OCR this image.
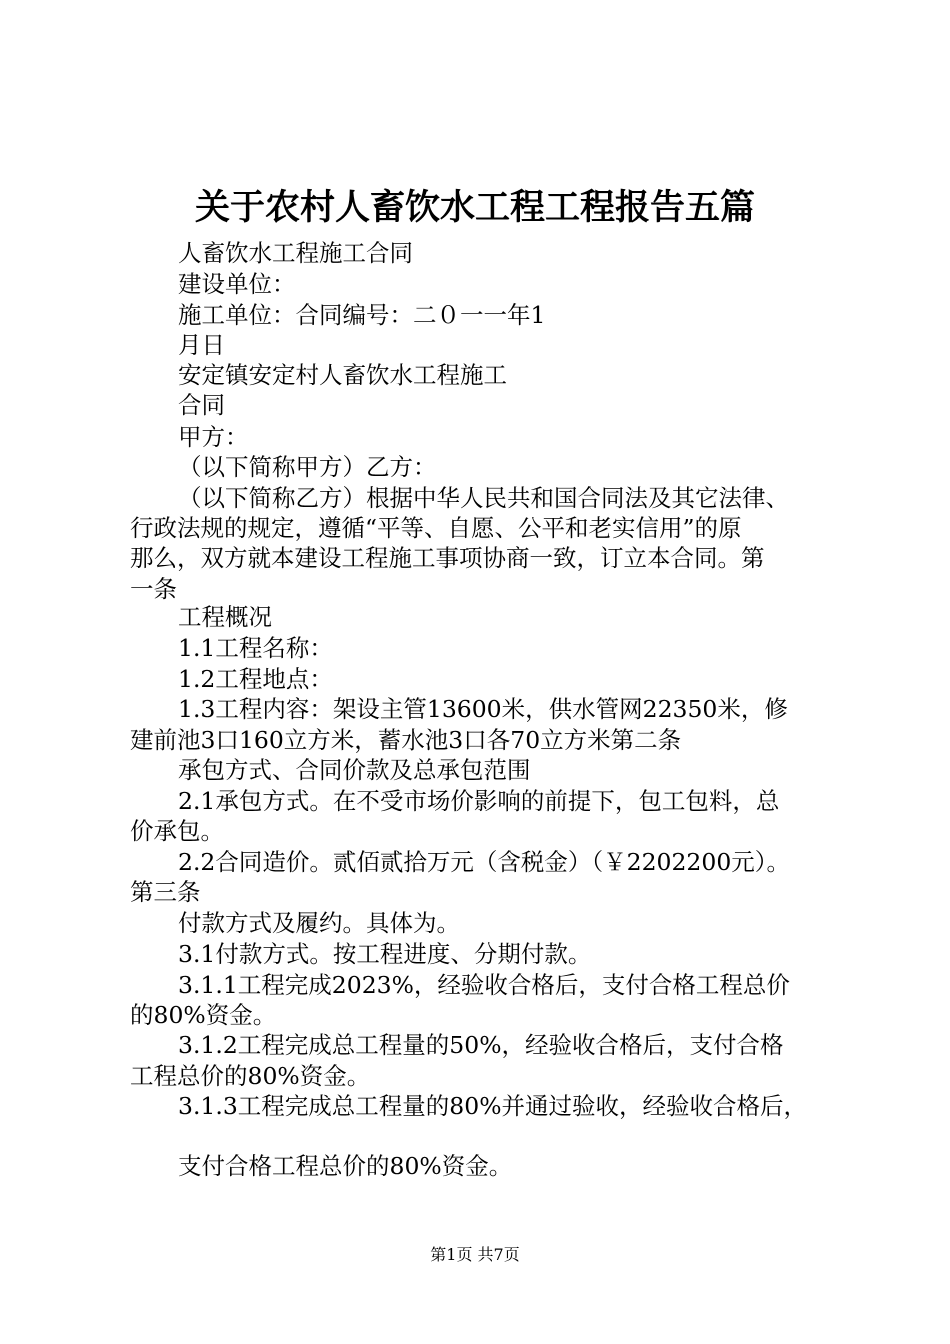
关于农村人畜饮水工程工程报告五篇
人畜饮水工程施工合同
建设单位：
施工单位：合同编号：二０一一年1
月日
安定镇安定村人畜饮水工程施工
合同
甲方：
（以下简称甲方）乙方：
（以下简称乙方）根据中华人民共和国合同法及其它法律、
行政法规的规定，遵循“平等、自愿、公平和老实信用”的原
那么，双方就本建设工程施工事项协商一致，订立本合同。第
一条
工程概况
1.1工程名称：
1.2工程地点：
1.3工程内容：架设主管13600米，供水管网22350米，修
建前池3口160立方米，蓄水池3口各70立方米第二条
承包方式、合同价款及总承包范围
2.1承包方式。在不受市场价影响的前提下，包工包料，总
价承包。
2.2合同造价。贰佰贰拾万元（含税金）（￥2202200元）。
第三条
付款方式及履约。具体为。
3.1付款方式。按工程进度、分期付款。
3.1.1工程完成2023%，经验收合格后，支付合格工程总价
的80%资金。
3.1.2工程完成总工程量的50%，经验收合格后，支付合格
工程总价的80%资金。
3.1.3工程完成总工程量的80%并通过验收，经验收合格后，
支付合格工程总价的80%资金。
第1页 共7页
